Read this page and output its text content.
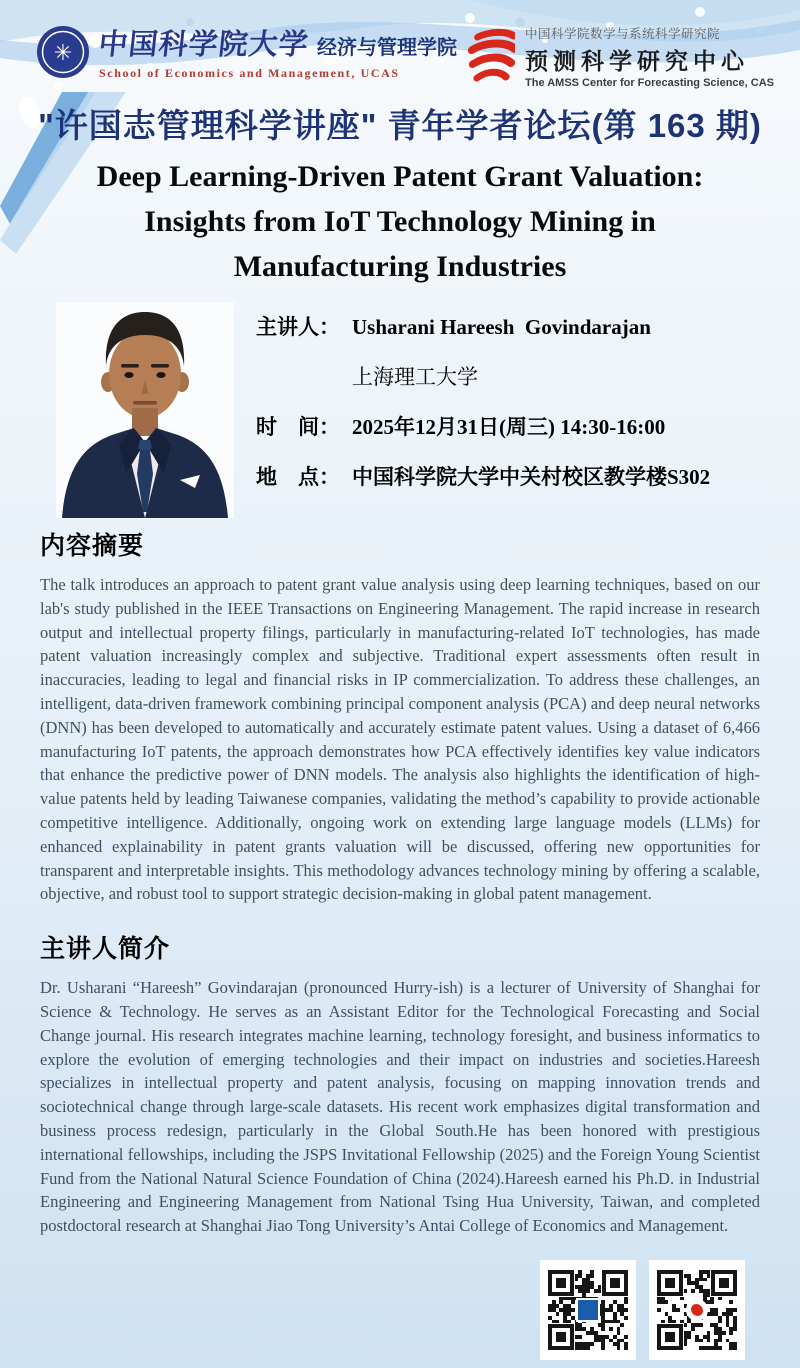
✳ 中国科学院大学 经济与管理学院
School of Economics and Management, UCAS
中国科学院数学与系统科学研究院
预测科学研究中心
The AMSS Center for Forecasting Science, CAS
"许国志管理科学讲座" 青年学者论坛(第 163 期)
Deep Learning-Driven Patent Grant Valuation:
Insights from IoT Technology Mining in
Manufacturing Industries
主讲人： Usharani Hareesh  Govindarajan
上海理工大学
时　间： 2025年12月31日(周三) 14:30-16:00
地　点： 中国科学院大学中关村校区教学楼S302
内容摘要

The talk introduces an approach to patent grant value analysis using deep learning techniques, based on our lab's study published in the IEEE Transactions on Engineering Management. The rapid increase in research output and intellectual property filings, particularly in manufacturing-related IoT technologies, has made patent valuation increasingly complex and subjective. Traditional expert assessments often result in inaccuracies, leading to legal and financial risks in IP commercialization. To address these challenges, an intelligent, data-driven framework combining principal component analysis (PCA) and deep neural networks (DNN) has been developed to automatically and accurately estimate patent values. Using a dataset of 6,466 manufacturing IoT patents, the approach demonstrates how PCA effectively identifies key value indicators that enhance the predictive power of DNN models. The analysis also highlights the identification of high-value patents held by leading Taiwanese companies, validating the method’s capability to provide actionable competitive intelligence. Additionally, ongoing work on extending large language models (LLMs) for enhanced explainability in patent grants valuation will be discussed, offering new opportunities for transparent and interpretable insights. This methodology advances technology mining by offering a scalable, objective, and robust tool to support strategic decision-making in global patent management.

主讲人简介

Dr. Usharani “Hareesh” Govindarajan (pronounced Hurry-ish) is a lecturer of University of Shanghai for Science & Technology. He serves as an Assistant Editor for the Technological Forecasting and Social Change journal. His research integrates machine learning, technology foresight, and business informatics to explore the evolution of emerging technologies and their impact on industries and societies.Hareesh specializes in intellectual property and patent analysis, focusing on mapping innovation trends and sociotechnical change through large-scale datasets. His recent work emphasizes digital transformation and business process redesign, particularly in the Global South.He has been honored with prestigious international fellowships, including the JSPS Invitational Fellowship (2025) and the Foreign Young Scientist Fund from the National Natural Science Foundation of China (2024).Hareesh earned his Ph.D. in Industrial Engineering and Engineering Management from National Tsing Hua University, Taiwan, and completed postdoctoral research at Shanghai Jiao Tong University’s Antai College of Economics and Management.
